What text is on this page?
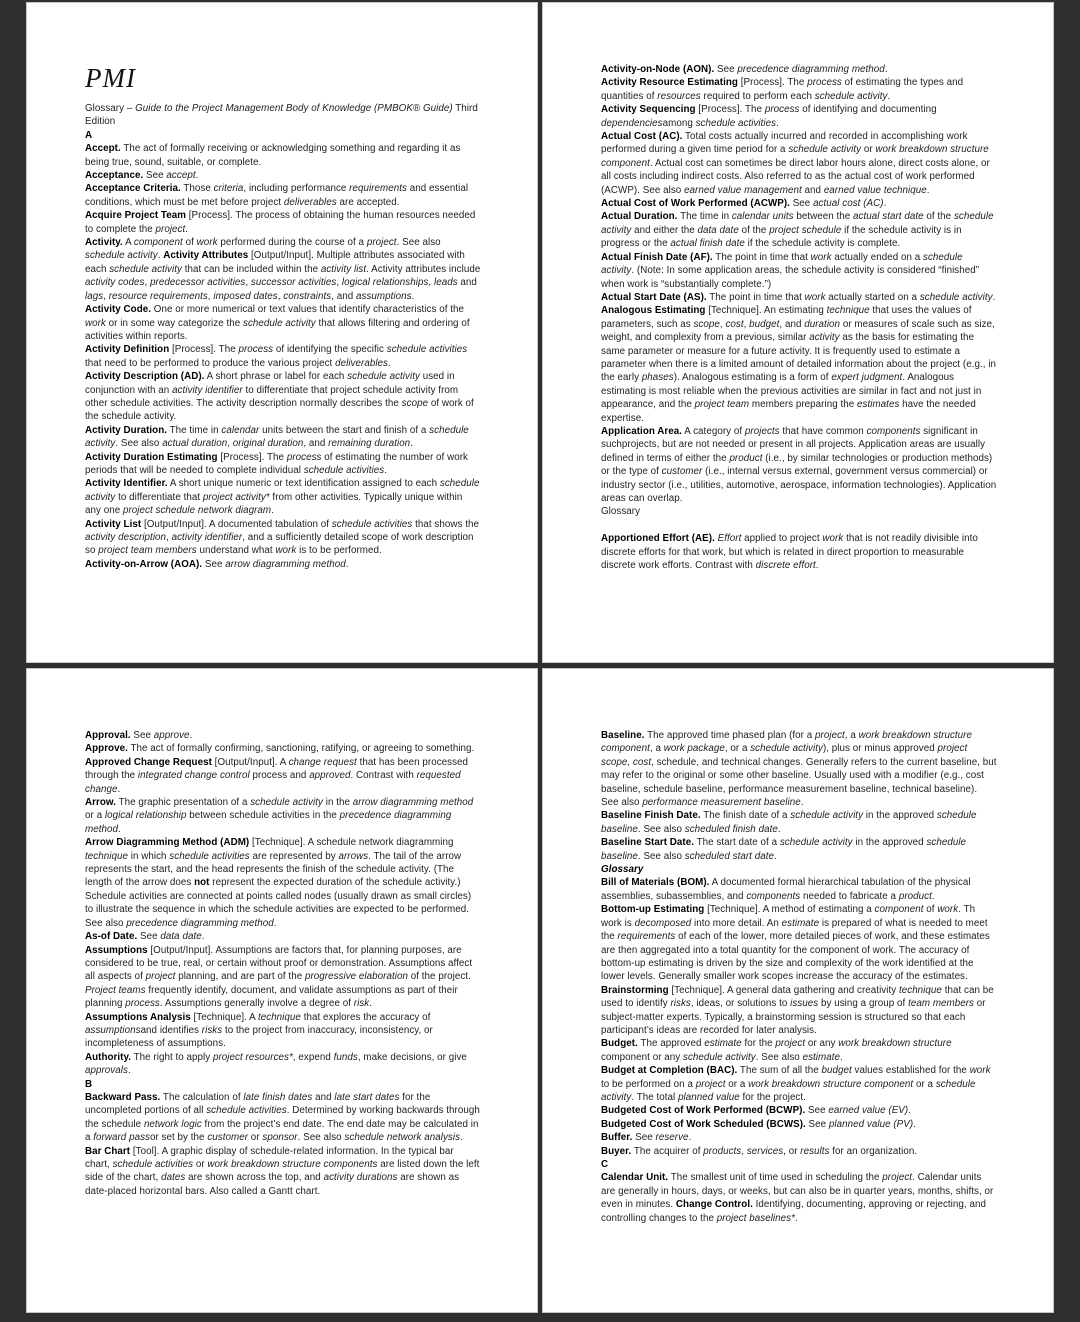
PMI

Glossary – Guide to the Project Management Body of Knowledge (PMBOK® Guide) Third Edition

A

Accept. The act of formally receiving or acknowledging something and regarding it as being true, sound, suitable, or complete.

Acceptance. See accept.

Acceptance Criteria. Those criteria, including performance requirements and essential conditions, which must be met before project deliverables are accepted.

Acquire Project Team [Process]. The process of obtaining the human resources needed to complete the project.

Activity. A component of work performed during the course of a project. See also schedule activity. Activity Attributes [Output/Input]. Multiple attributes associated with each schedule activity that can be included within the activity list. Activity attributes include activity codes, predecessor activities, successor activities, logical relationships, leads and lags, resource requirements, imposed dates, constraints, and assumptions.

Activity Code. One or more numerical or text values that identify characteristics of the work or in some way categorize the schedule activity that allows filtering and ordering of activities within reports.

Activity Definition [Process]. The process of identifying the specific schedule activities that need to be performed to produce the various project deliverables.

Activity Description (AD). A short phrase or label for each schedule activity used in conjunction with an activity identifier to differentiate that project schedule activity from other schedule activities. The activity description normally describes the scope of work of the schedule activity.

Activity Duration. The time in calendar units between the start and finish of a schedule activity. See also actual duration, original duration, and remaining duration.

Activity Duration Estimating [Process]. The process of estimating the number of work periods that will be needed to complete individual schedule activities.

Activity Identifier. A short unique numeric or text identification assigned to each schedule activity to differentiate that project activity* from other activities. Typically unique within any one project schedule network diagram.

Activity List [Output/Input]. A documented tabulation of schedule activities that shows the activity description, activity identifier, and a sufficiently detailed scope of work description so project team members understand what work is to be performed.

Activity-on-Arrow (AOA). See arrow diagramming method.

Activity-on-Node (AON). See precedence diagramming method.

Activity Resource Estimating [Process]. The process of estimating the types and quantities of resources required to perform each schedule activity.

Activity Sequencing [Process]. The process of identifying and documenting dependenciesamong schedule activities.

Actual Cost (AC). Total costs actually incurred and recorded in accomplishing work performed during a given time period for a schedule activity or work breakdown structure component. Actual cost can sometimes be direct labor hours alone, direct costs alone, or all costs including indirect costs. Also referred to as the actual cost of work performed (ACWP). See also earned value management and earned value technique.

Actual Cost of Work Performed (ACWP). See actual cost (AC).

Actual Duration. The time in calendar units between the actual start date of the schedule activity and either the data date of the project schedule if the schedule activity is in progress or the actual finish date if the schedule activity is complete.

Actual Finish Date (AF). The point in time that work actually ended on a schedule activity. (Note: In some application areas, the schedule activity is considered “finished” when work is “substantially complete.”)

Actual Start Date (AS). The point in time that work actually started on a schedule activity.

Analogous Estimating [Technique]. An estimating technique that uses the values of parameters, such as scope, cost, budget, and duration or measures of scale such as size, weight, and complexity from a previous, similar activity as the basis for estimating the same parameter or measure for a future activity. It is frequently used to estimate a parameter when there is a limited amount of detailed information about the project (e.g., in the early phases). Analogous estimating is a form of expert judgment. Analogous estimating is most reliable when the previous activities are similar in fact and not just in appearance, and the project team members preparing the estimates have the needed expertise.

Application Area. A category of projects that have common components significant in suchprojects, but are not needed or present in all projects. Application areas are usually defined in terms of either the product (i.e., by similar technologies or production methods) or the type of customer (i.e., internal versus external, government versus commercial) or industry sector (i.e., utilities, automotive, aerospace, information technologies). Application areas can overlap.

Glossary

Apportioned Effort (AE). Effort applied to project work that is not readily divisible into discrete efforts for that work, but which is related in direct proportion to measurable discrete work efforts. Contrast with discrete effort.

Approval. See approve.

Approve. The act of formally confirming, sanctioning, ratifying, or agreeing to something.

Approved Change Request [Output/Input]. A change request that has been processed through the integrated change control process and approved. Contrast with requested change.

Arrow. The graphic presentation of a schedule activity in the arrow diagramming method or a logical relationship between schedule activities in the precedence diagramming method.

Arrow Diagramming Method (ADM) [Technique]. A schedule network diagramming technique in which schedule activities are represented by arrows. The tail of the arrow represents the start, and the head represents the finish of the schedule activity. (The length of the arrow does not represent the expected duration of the schedule activity.) Schedule activities are connected at points called nodes (usually drawn as small circles) to illustrate the sequence in which the schedule activities are expected to be performed. See also precedence diagramming method.

As-of Date. See data date.

Assumptions [Output/Input]. Assumptions are factors that, for planning purposes, are considered to be true, real, or certain without proof or demonstration. Assumptions affect all aspects of project planning, and are part of the progressive elaboration of the project. Project teams frequently identify, document, and validate assumptions as part of their planning process. Assumptions generally involve a degree of risk.

Assumptions Analysis [Technique]. A technique that explores the accuracy of assumptionsand identifies risks to the project from inaccuracy, inconsistency, or incompleteness of assumptions.

Authority. The right to apply project resources*, expend funds, make decisions, or give approvals.

B

Backward Pass. The calculation of late finish dates and late start dates for the uncompleted portions of all schedule activities. Determined by working backwards through the schedule network logic from the project’s end date. The end date may be calculated in a forward passor set by the customer or sponsor. See also schedule network analysis.

Bar Chart [Tool]. A graphic display of schedule-related information. In the typical bar chart, schedule activities or work breakdown structure components are listed down the left side of the chart, dates are shown across the top, and activity durations are shown as date-placed horizontal bars. Also called a Gantt chart.

Baseline. The approved time phased plan (for a project, a work breakdown structure component, a work package, or a schedule activity), plus or minus approved project scope, cost, schedule, and technical changes. Generally refers to the current baseline, but may refer to the original or some other baseline. Usually used with a modifier (e.g., cost baseline, schedule baseline, performance measurement baseline, technical baseline). See also performance measurement baseline.

Baseline Finish Date. The finish date of a schedule activity in the approved schedule baseline. See also scheduled finish date.

Baseline Start Date. The start date of a schedule activity in the approved schedule baseline. See also scheduled start date.

Glossary

Bill of Materials (BOM). A documented formal hierarchical tabulation of the physical assemblies, subassemblies, and components needed to fabricate a product.

Bottom-up Estimating [Technique]. A method of estimating a component of work. Th work is decomposed into more detail. An estimate is prepared of what is needed to meet the requirements of each of the lower, more detailed pieces of work, and these estimates are then aggregated into a total quantity for the component of work. The accuracy of bottom-up estimating is driven by the size and complexity of the work identified at the lower levels. Generally smaller work scopes increase the accuracy of the estimates.

Brainstorming [Technique]. A general data gathering and creativity technique that can be used to identify risks, ideas, or solutions to issues by using a group of team members or subject-matter experts. Typically, a brainstorming session is structured so that each participant’s ideas are recorded for later analysis.

Budget. The approved estimate for the project or any work breakdown structure component or any schedule activity. See also estimate.

Budget at Completion (BAC). The sum of all the budget values established for the work to be performed on a project or a work breakdown structure component or a schedule activity. The total planned value for the project.

Budgeted Cost of Work Performed (BCWP). See earned value (EV).

Budgeted Cost of Work Scheduled (BCWS). See planned value (PV).

Buffer. See reserve.

Buyer. The acquirer of products, services, or results for an organization.

C

Calendar Unit. The smallest unit of time used in scheduling the project. Calendar units are generally in hours, days, or weeks, but can also be in quarter years, months, shifts, or even in minutes. Change Control. Identifying, documenting, approving or rejecting, and controlling changes to the project baselines*.
